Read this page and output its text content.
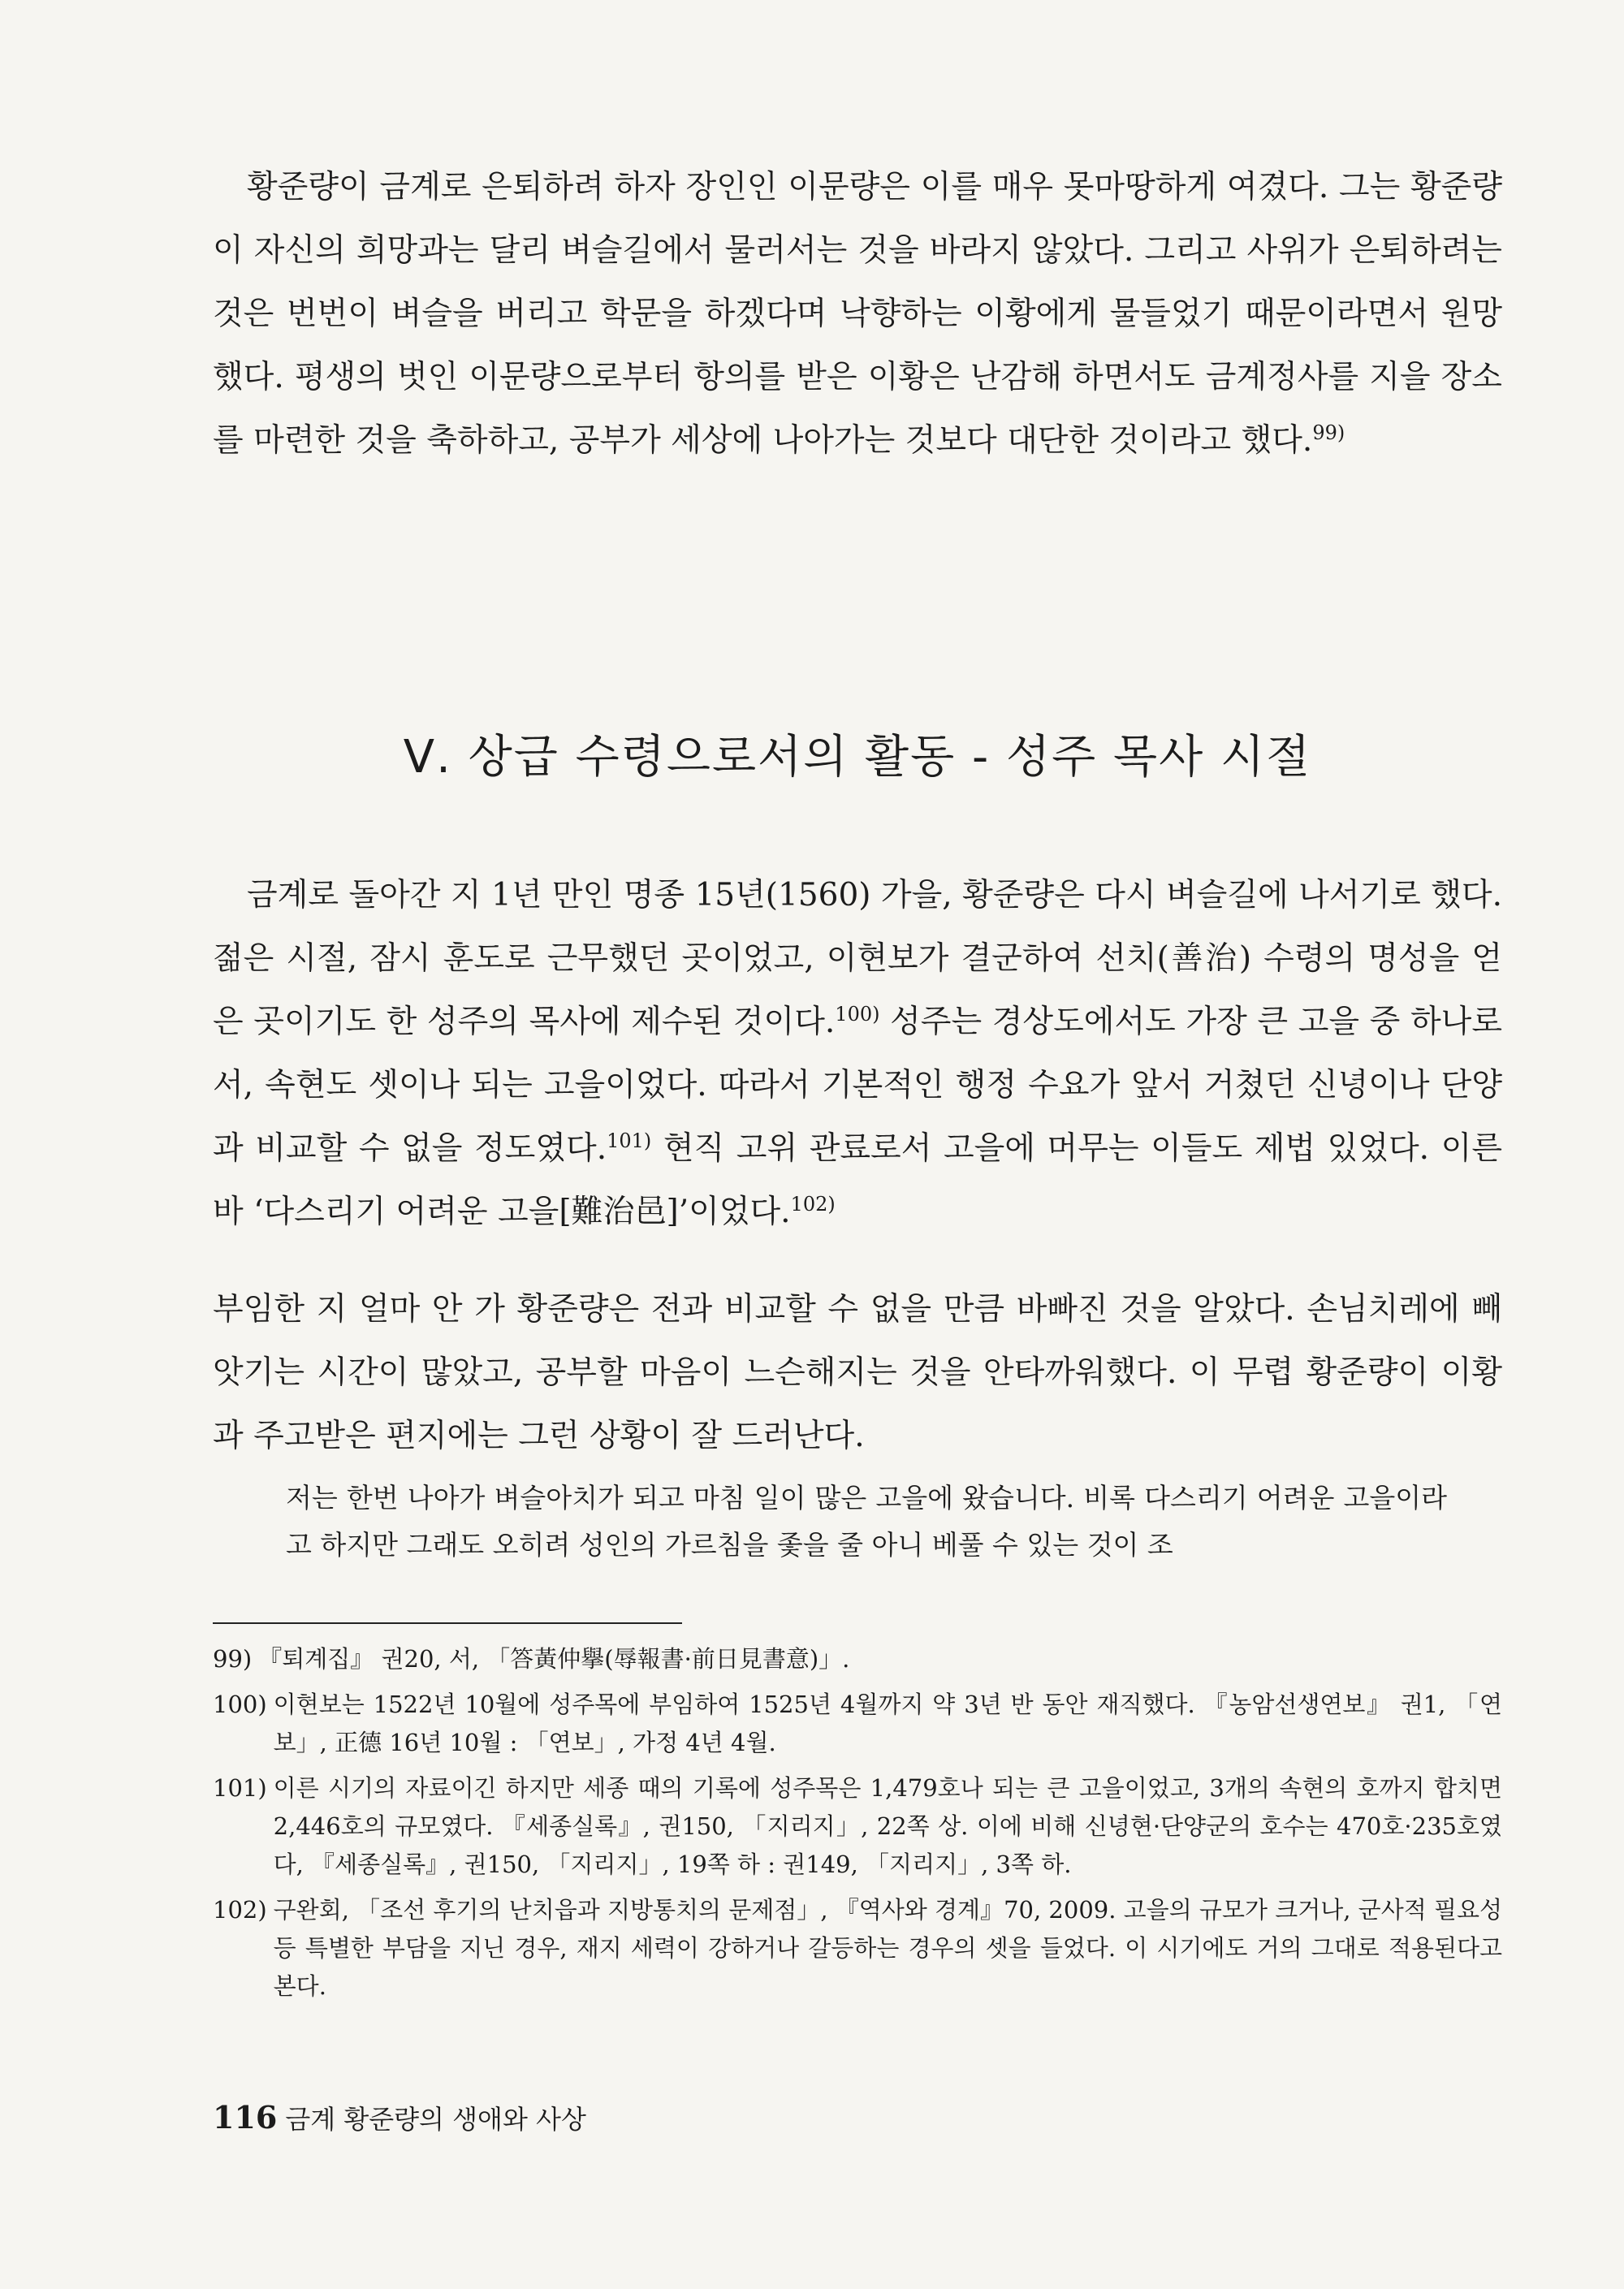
황준량이 금계로 은퇴하려 하자 장인인 이문량은 이를 매우 못마땅하게 여겼다. 그는 황준량이 자신의 희망과는 달리 벼슬길에서 물러서는 것을 바라지 않았다. 그리고 사위가 은퇴하려는 것은 번번이 벼슬을 버리고 학문을 하겠다며 낙향하는 이황에게 물들었기 때문이라면서 원망했다. 평생의 벗인 이문량으로부터 항의를 받은 이황은 난감해 하면서도 금계정사를 지을 장소를 마련한 것을 축하하고, 공부가 세상에 나아가는 것보다 대단한 것이라고 했다.$^{99)}$

Ⅴ. 상급 수령으로서의 활동 - 성주 목사 시절

금계로 돌아간 지 1년 만인 명종 15년(1560) 가을, 황준량은 다시 벼슬길에 나서기로 했다. 젊은 시절, 잠시 훈도로 근무했던 곳이었고, 이현보가 결군하여 선치(善治) 수령의 명성을 얻은 곳이기도 한 성주의 목사에 제수된 것이다.$^{100)}$ 성주는 경상도에서도 가장 큰 고을 중 하나로서, 속현도 셋이나 되는 고을이었다. 따라서 기본적인 행정 수요가 앞서 거쳤던 신녕이나 단양과 비교할 수 없을 정도였다.$^{101)}$ 현직 고위 관료로서 고을에 머무는 이들도 제법 있었다. 이른바 ‘다스리기 어려운 고을[難治邑]’이었다.$^{102)}$

부임한 지 얼마 안 가 황준량은 전과 비교할 수 없을 만큼 바빠진 것을 알았다. 손님치레에 빼앗기는 시간이 많았고, 공부할 마음이 느슨해지는 것을 안타까워했다. 이 무렵 황준량이 이황과 주고받은 편지에는 그런 상황이 잘 드러난다.

저는 한번 나아가 벼슬아치가 되고 마침 일이 많은 고을에 왔습니다. 비록 다스리기 어려운 고을이라고 하지만 그래도 오히려 성인의 가르침을 좇을 줄 아니 베풀 수 있는 것이 조

99) 『퇴계집』 권20, 서, 「答黃仲擧(辱報書·前日見書意)」.
100) 이현보는 1522년 10월에 성주목에 부임하여 1525년 4월까지 약 3년 반 동안 재직했다. 『농암선생연보』 권1, 「연보」, 正德 16년 10월 : 「연보」, 가정 4년 4월.
101) 이른 시기의 자료이긴 하지만 세종 때의 기록에 성주목은 1,479호나 되는 큰 고을이었고, 3개의 속현의 호까지 합치면 2,446호의 규모였다. 『세종실록』, 권150, 「지리지」, 22쪽 상. 이에 비해 신녕현·단양군의 호수는 470호·235호였다, 『세종실록』, 권150, 「지리지」, 19쪽 하 : 권149, 「지리지」, 3쪽 하.
102) 구완회, 「조선 후기의 난치읍과 지방통치의 문제점」, 『역사와 경계』70, 2009. 고을의 규모가 크거나, 군사적 필요성 등 특별한 부담을 지닌 경우, 재지 세력이 강하거나 갈등하는 경우의 셋을 들었다. 이 시기에도 거의 그대로 적용된다고 본다.
116 금계 황준량의 생애와 사상
